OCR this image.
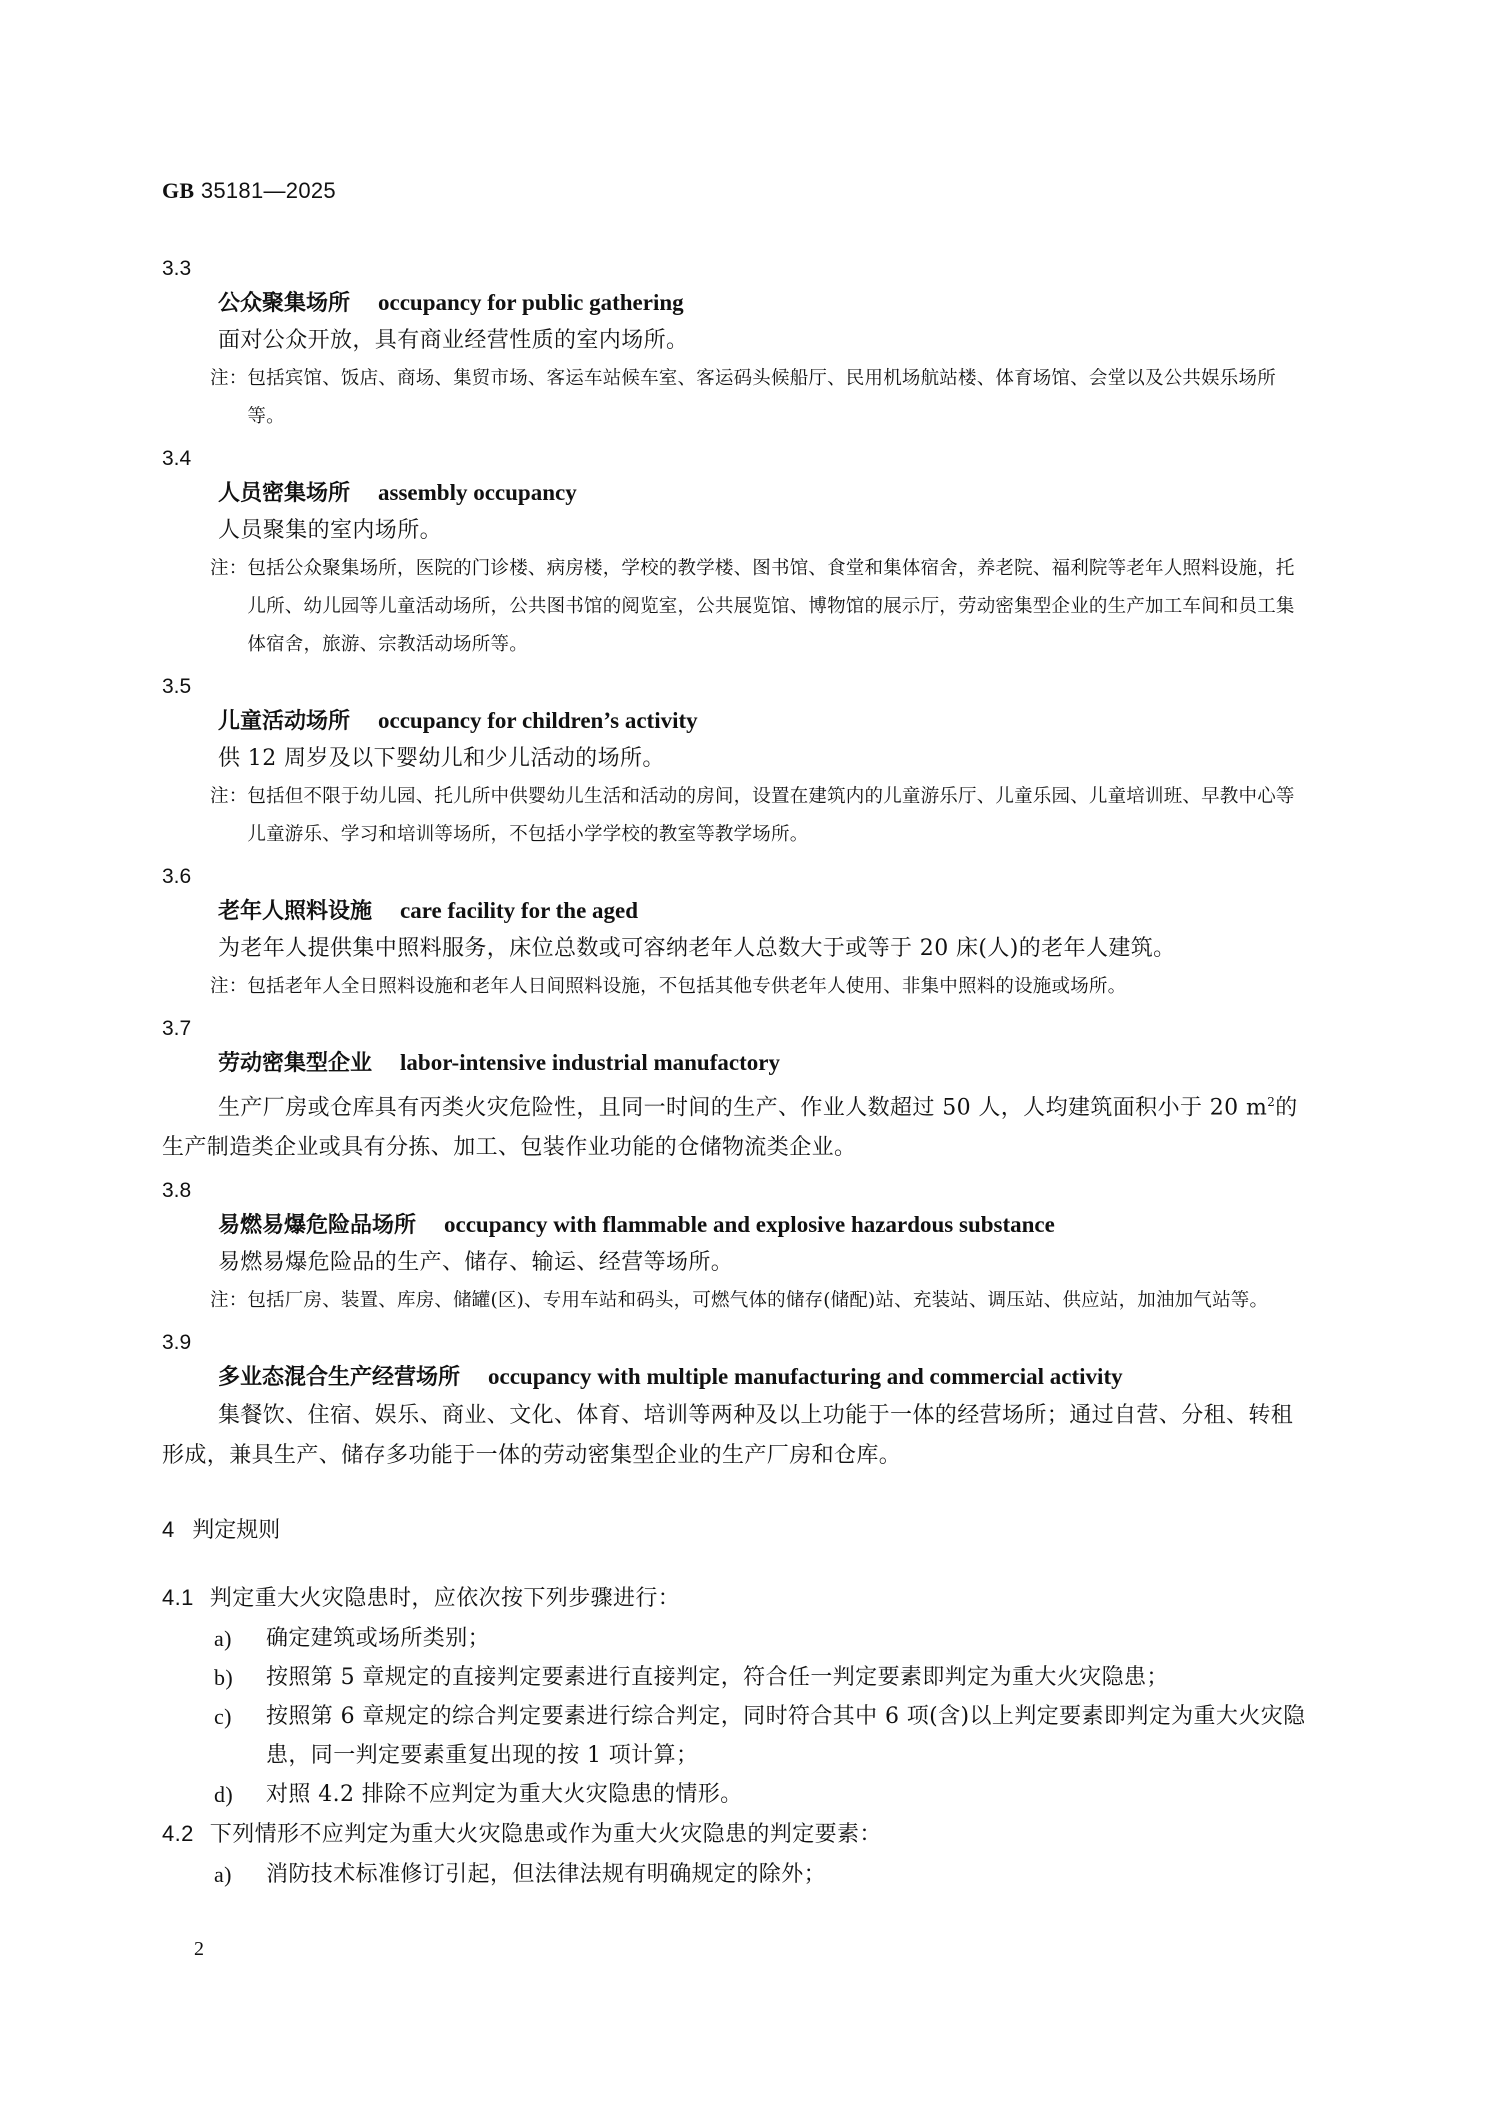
GB 35181—2025
3.3
公众聚集场所 occupancy for public gathering
面对公众开放，具有商业经营性质的室内场所。
注： 包括宾馆、饭店、商场、集贸市场、客运车站候车室、客运码头候船厅、民用机场航站楼、体育场馆、会堂以及公共娱乐场所等。
3.4
人员密集场所 assembly occupancy
人员聚集的室内场所。
注： 包括公众聚集场所，医院的门诊楼、病房楼，学校的教学楼、图书馆、食堂和集体宿舍，养老院、福利院等老年人照料设施，托儿所、幼儿园等儿童活动场所，公共图书馆的阅览室，公共展览馆、博物馆的展示厅，劳动密集型企业的生产加工车间和员工集体宿舍，旅游、宗教活动场所等。
3.5
儿童活动场所 occupancy for children’s activity
供 12 周岁及以下婴幼儿和少儿活动的场所。
注： 包括但不限于幼儿园、托儿所中供婴幼儿生活和活动的房间，设置在建筑内的儿童游乐厅、儿童乐园、儿童培训班、早教中心等儿童游乐、学习和培训等场所，不包括小学学校的教室等教学场所。
3.6
老年人照料设施 care facility for the aged
为老年人提供集中照料服务，床位总数或可容纳老年人总数大于或等于 20 床(人)的老年人建筑。
注： 包括老年人全日照料设施和老年人日间照料设施，不包括其他专供老年人使用、非集中照料的设施或场所。
3.7
劳动密集型企业 labor-intensive industrial manufactory
生产厂房或仓库具有丙类火灾危险性，且同一时间的生产、作业人数超过 50 人，人均建筑面积小于 20 $m^2$的生产制造类企业或具有分拣、加工、包装作业功能的仓储物流类企业。
3.8
易燃易爆危险品场所 occupancy with flammable and explosive hazardous substance
易燃易爆危险品的生产、储存、输运、经营等场所。
注： 包括厂房、装置、库房、储罐(区)、专用车站和码头，可燃气体的储存(储配)站、充装站、调压站、供应站，加油加气站等。
3.9
多业态混合生产经营场所 occupancy with multiple manufacturing and commercial activity
集餐饮、住宿、娱乐、商业、文化、体育、培训等两种及以上功能于一体的经营场所；通过自营、分租、转租形成，兼具生产、储存多功能于一体的劳动密集型企业的生产厂房和仓库。
4 判定规则
4.1 判定重大火灾隐患时，应依次按下列步骤进行：
a)	确定建筑或场所类别；
b)	按照第 5 章规定的直接判定要素进行直接判定，符合任一判定要素即判定为重大火灾隐患；
c)	按照第 6 章规定的综合判定要素进行综合判定，同时符合其中 6 项(含)以上判定要素即判定为重大火灾隐患，同一判定要素重复出现的按 1 项计算；
d)	对照 4.2 排除不应判定为重大火灾隐患的情形。
4.2 下列情形不应判定为重大火灾隐患或作为重大火灾隐患的判定要素：
a)	消防技术标准修订引起，但法律法规有明确规定的除外；
2
